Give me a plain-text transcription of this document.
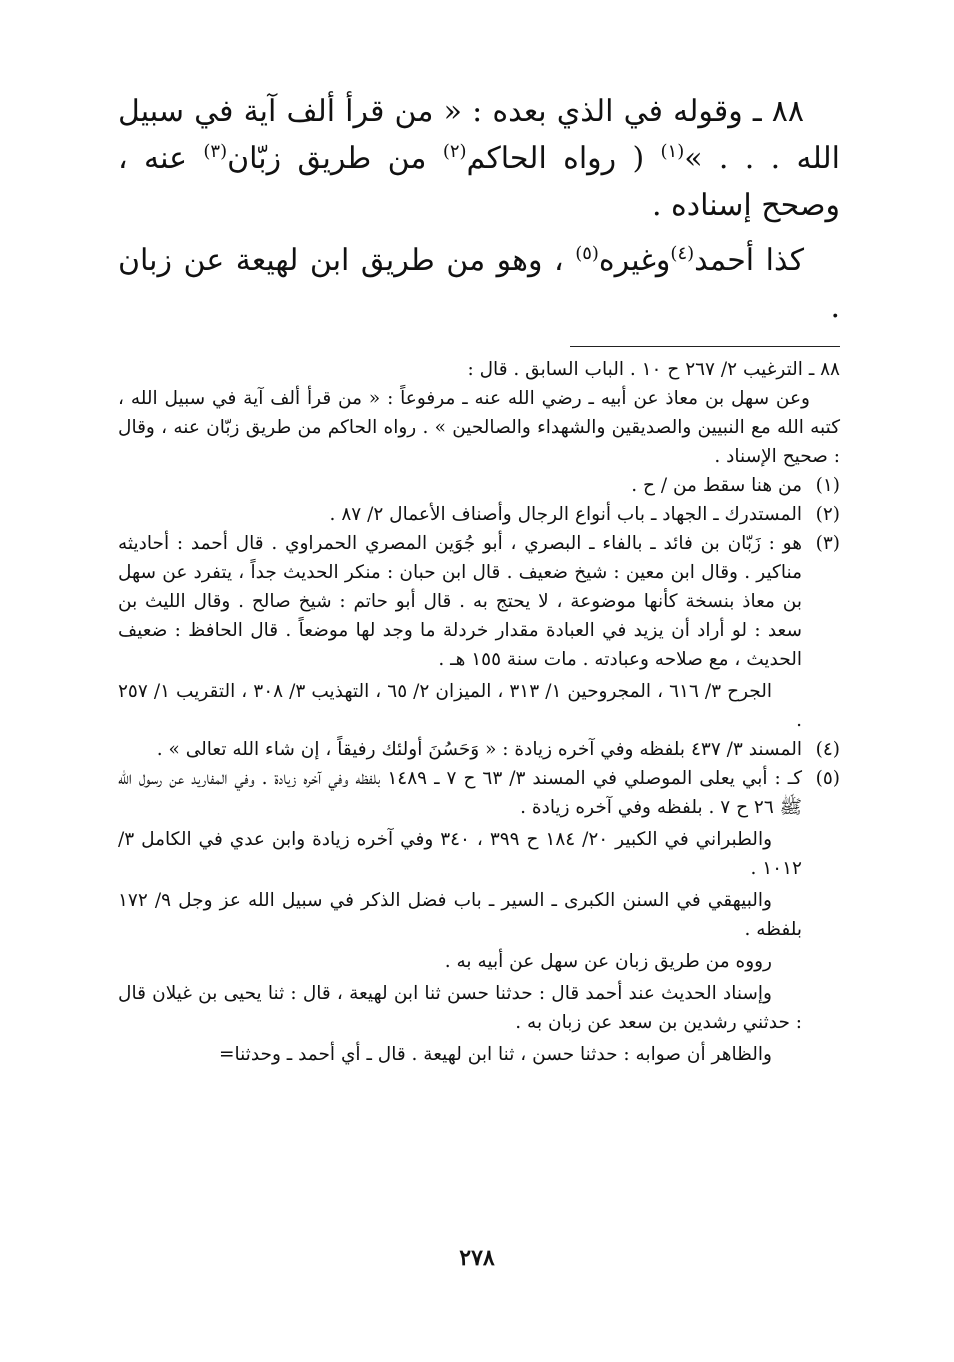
٨٨ ـ وقوله في الذي بعده : « من قرأ ألف آية في سبيل الله . . . »$^{(١)}$ ( رواه الحاكم$^{(٢)}$ من طريق زبّان$^{(٣)}$ عنه ، وصحح إسناده .

كذا أحمد$^{(٤)}$وغيره$^{(٥)}$ ، وهو من طريق ابن لهيعة عن زبان .

٨٨ ـ الترغيب ٢/ ٢٦٧ ح ١٠ . الباب السابق . قال :

وعن سهل بن معاذ عن أبيه ـ رضي الله عنه ـ مرفوعاً : « من قرأ ألف آية في سبيل الله ، كتبه الله مع النبيين والصديقين والشهداء والصالحين » . رواه الحاكم من طريق زبّان عنه ، وقال : صحيح الإسناد .

(١)

من هنا سقط من / ح .

(٢)

المستدرك ـ الجهاد ـ باب أنواع الرجال وأصناف الأعمال ٢/ ٨٧ .

(٣)

هو : زَبّان بن فائد ـ بالفاء ـ البصري ، أبو جُوَين المصري الحمراوي . قال أحمد : أحاديثه مناكير . وقال ابن معين : شيخ ضعيف . قال ابن حبان : منكر الحديث جداً ، يتفرد عن سهل بن معاذ بنسخة كأنها موضوعة ، لا يحتج به . قال أبو حاتم : شيخ صالح . وقال الليث بن سعد : لو أراد أن يزيد في العبادة مقدار خردلة ما وجد لها موضعاً . قال الحافظ : ضعيف الحديث ، مع صلاحه وعبادته . مات سنة ١٥٥ هـ .

الجرح ٣/ ٦١٦ ، المجروحين ١/ ٣١٣ ، الميزان ٢/ ٦٥ ، التهذيب ٣/ ٣٠٨ ، التقريب ١/ ٢٥٧ .

(٤)

المسند ٣/ ٤٣٧ بلفظه وفي آخره زيادة : « وَحَسُنَ أولئك رفيقاً ، إن شاء الله تعالى » .

(٥)

كـ : أبي يعلى الموصلي في المسند ٣/ ٦٣ ح ٧ ـ ١٤٨٩ بلفظه وفي آخره زيادة . وفي المفاريد عن رسول الله ﷺ ٢٦ ح ٧ . بلفظه وفي آخره زيادة .

والطبراني في الكبير ٢٠/ ١٨٤ ح ٣٩٩ ، ٣٤٠ وفي آخره زيادة وابن عدي في الكامل ٣/ ١٠١٢ .

والبيهقي في السنن الكبرى ـ السير ـ باب فضل الذكر في سبيل الله عز وجل ٩/ ١٧٢ بلفظه .

رووه من طريق زبان عن سهل عن أبيه به .

وإسناد الحديث عند أحمد قال : حدثنا حسن ثنا ابن لهيعة ، قال : ثنا يحيى بن غيلان قال : حدثني رشدين بن سعد عن زبان به .

والظاهر أن صوابه : حدثنا حسن ، ثنا ابن لهيعة . قال ـ أي أحمد ـ وحدثنا=

٢٧٨
